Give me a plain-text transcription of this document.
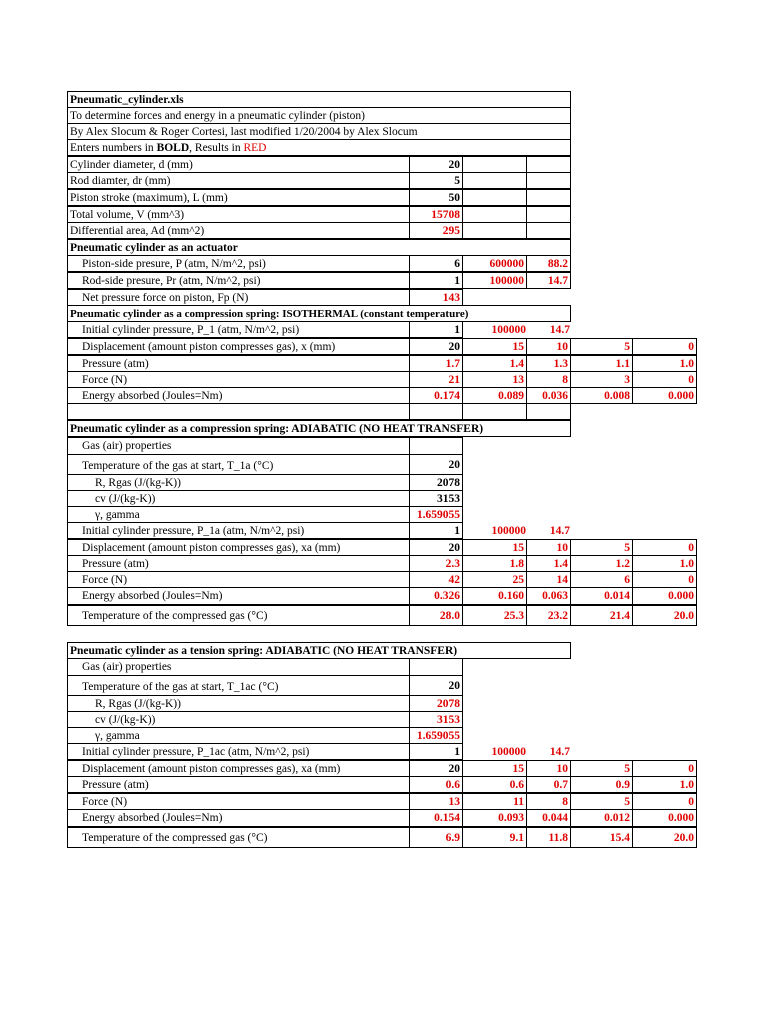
Pneumatic_cylinder.xls
To determine forces and energy in a pneumatic cylinder (piston)
By Alex Slocum & Roger Cortesi, last modified 1/20/2004 by Alex Slocum
Enters numbers in BOLD, Results in RED
Cylinder diameter, d (mm)	20
Rod diamter, dr (mm)	5
Piston stroke (maximum), L (mm)	50
Total volume, V (mm^3)	15708
Differential area, Ad (mm^2)	295
Pneumatic cylinder as an actuator
Piston-side presure, P (atm, N/m^2, psi)	6	600000	88.2
Rod-side presure, Pr (atm, N/m^2, psi)	1	100000	14.7
Net pressure force on piston, Fp (N)	143
Pneumatic cylinder as a compression spring: ISOTHERMAL (constant temperature)
Initial cylinder pressure, P_1 (atm, N/m^2, psi)	1	100000	14.7
Displacement (amount piston compresses gas), x (mm)	20	15	10	5	0
Pressure (atm)	1.7	1.4	1.3	1.1	1.0
Force (N)	21	13	8	3	0
Energy absorbed (Joules=Nm)	0.174	0.089	0.036	0.008	0.000
Pneumatic cylinder as a compression spring: ADIABATIC (NO HEAT TRANSFER)
Gas (air) properties
Temperature of the gas at start, T_1a (°C)	20
R, Rgas (J/(kg-K))	2078
cv (J/(kg-K))	3153
γ, gamma	1.659055
Initial cylinder pressure, P_1a (atm, N/m^2, psi)	1	100000	14.7
Displacement (amount piston compresses gas), xa (mm)	20	15	10	5	0
Pressure (atm)	2.3	1.8	1.4	1.2	1.0
Force (N)	42	25	14	6	0
Energy absorbed (Joules=Nm)	0.326	0.160	0.063	0.014	0.000
Temperature of the compressed gas (°C)	28.0	25.3	23.2	21.4	20.0
Pneumatic cylinder as a tension spring: ADIABATIC (NO HEAT TRANSFER)
Gas (air) properties
Temperature of the gas at start, T_1ac (°C)	20
R, Rgas (J/(kg-K))	2078
cv (J/(kg-K))	3153
γ, gamma	1.659055
Initial cylinder pressure, P_1ac (atm, N/m^2, psi)	1	100000	14.7
Displacement (amount piston compresses gas), xa (mm)	20	15	10	5	0
Pressure (atm)	0.6	0.6	0.7	0.9	1.0
Force (N)	13	11	8	5	0
Energy absorbed (Joules=Nm)	0.154	0.093	0.044	0.012	0.000
Temperature of the compressed gas (°C)	6.9	9.1	11.8	15.4	20.0
